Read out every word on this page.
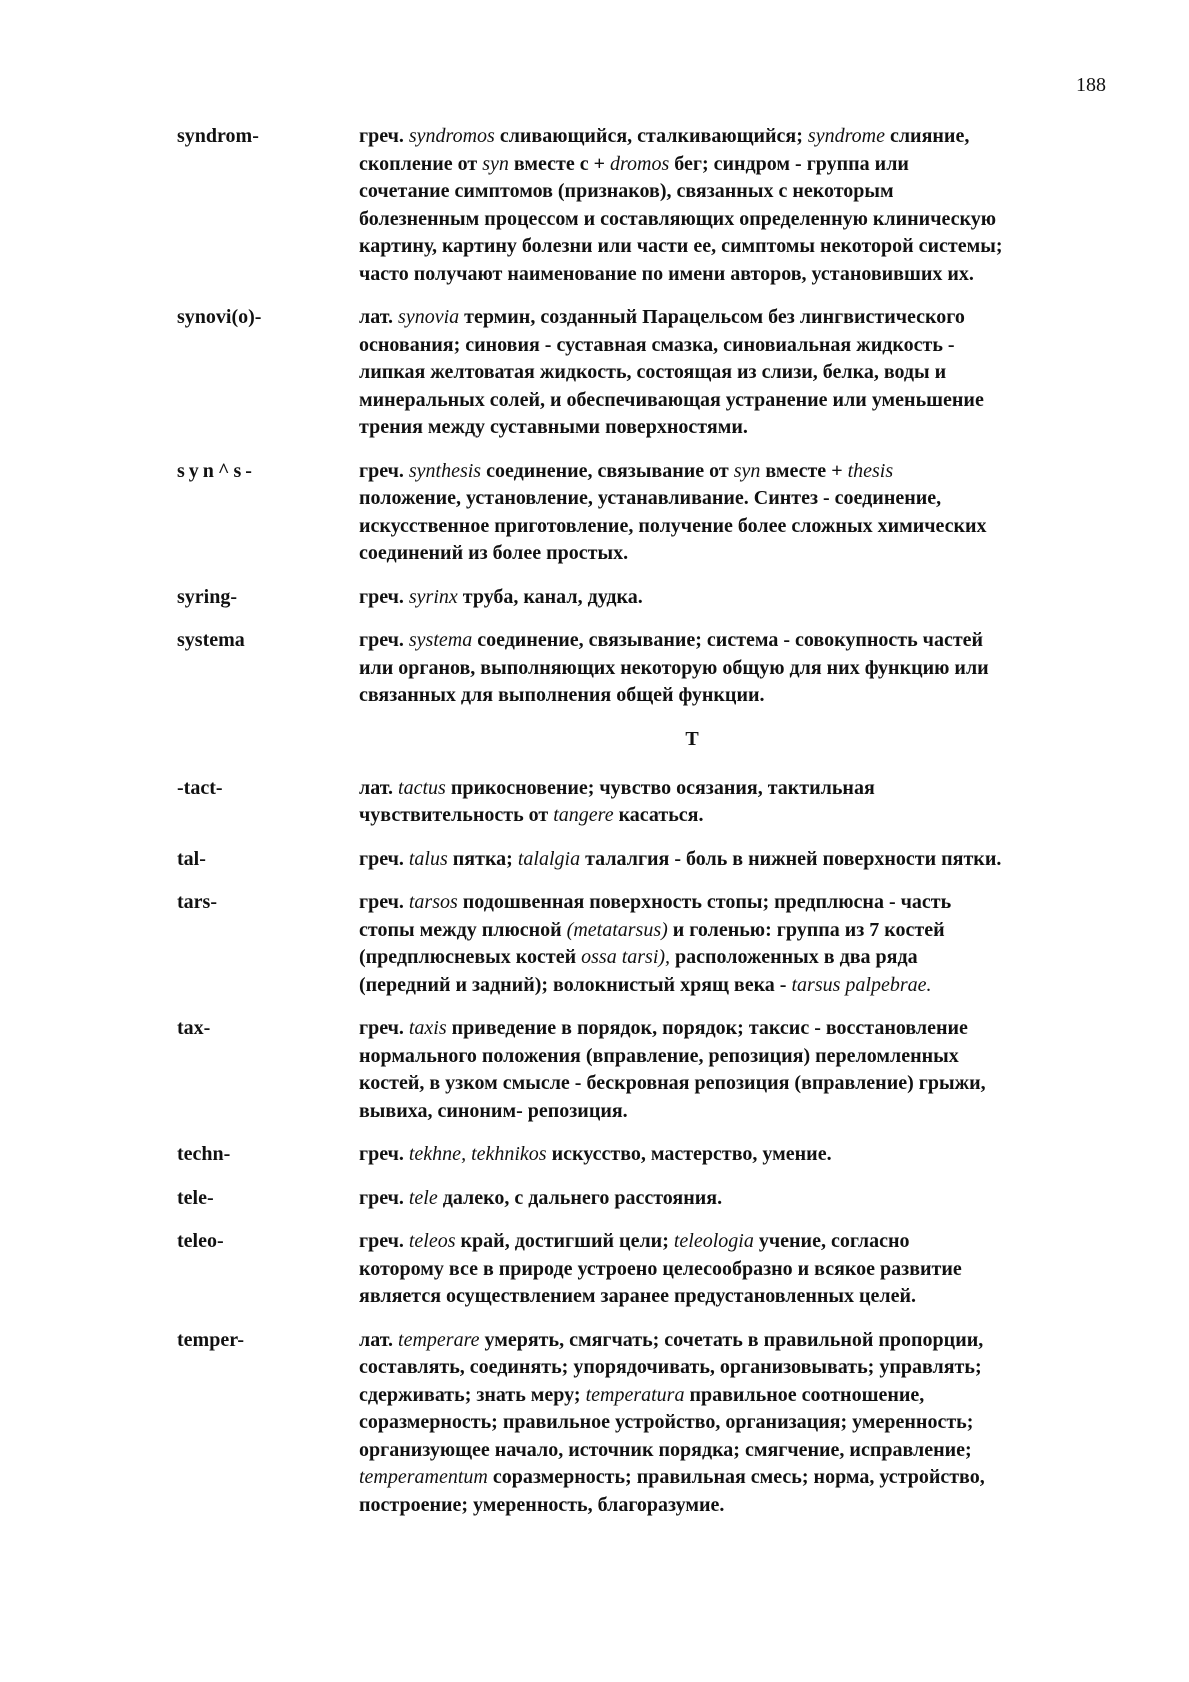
188
syndrom-	греч. syndromos сливающийся, сталкивающийся; syndrome слияние,
скопление от syn вместе с + dromos бег; синдром - группа или
сочетание симптомов (признаков), связанных с некоторым
болезненным процессом и составляющих определенную клиническую
картину, картину болезни или части ее, симптомы некоторой системы;
часто получают наименование по имени авторов, установивших их.
synovi(o)-	лат. synovia термин, созданный Парацельсом без лингвистического
основания; синовия - суставная смазка, синовиальная жидкость -
липкая желтоватая жидкость, состоящая из слизи, белка, воды и
минеральных солей, и обеспечивающая устранение или уменьшение
трения между суставными поверхностями.
syn^s-	греч. synthesis соединение, связывание от syn вместе + thesis
положение, установление, устанавливание. Синтез - соединение,
искусственное приготовление, получение более сложных химических
соединений из более простых.
syring-	греч. syrinx труба, канал, дудка.
systema	греч. systema соединение, связывание; система - совокупность частей
или органов, выполняющих некоторую общую для них функцию или
связанных для выполнения общей функции.
T
-tact-	лат. tactus прикосновение; чувство осязания, тактильная
чувствительность от tangere касаться.
tal-	греч. talus пятка; talalgia талалгия - боль в нижней поверхности пятки.
tars-	греч. tarsos подошвенная поверхность стопы; предплюсна - часть
стопы между плюсной (metatarsus) и голенью: группа из 7 костей
(предплюсневых костей ossa tarsi), расположенных в два ряда
(передний и задний); волокнистый хрящ века - tarsus palpebrae.
tax-	греч. taxis приведение в порядок, порядок; таксис - восстановление
нормального положения (вправление, репозиция) переломленных
костей, в узком смысле - бескровная репозиция (вправление) грыжи,
вывиха, синоним- репозиция.
techn-	греч. tekhne, tekhnikos искусство, мастерство, умение.
tele-	греч. tele далеко, с дальнего расстояния.
teleo-	греч. teleos край, достигший цели; teleologia учение, согласно
которому все в природе устроено целесообразно и всякое развитие
является осуществлением заранее предустановленных целей.
temper-	лат. temperare умерять, смягчать; сочетать в правильной пропорции,
составлять, соединять; упорядочивать, организовывать; управлять;
сдерживать; знать меру; temperatura правильное соотношение,
соразмерность; правильное устройство, организация; умеренность;
организующее начало, источник порядка; смягчение, исправление;
temperamentum соразмерность; правильная смесь; норма, устройство,
построение; умеренность, благоразумие.
